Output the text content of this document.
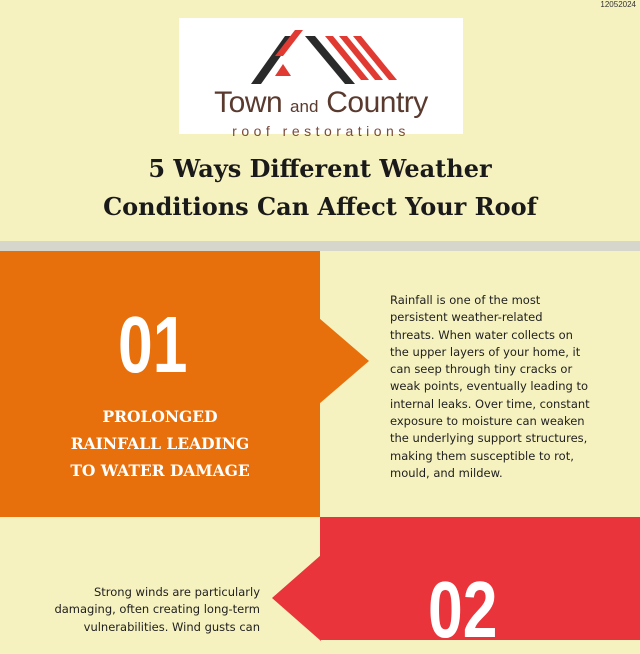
12052024
Town and Country
roof restorations
5 Ways Different Weather
Conditions Can Affect Your Roof
01
PROLONGED
RAINFALL LEADING
TO WATER DAMAGE
Rainfall is one of the most
persistent weather-related
threats. When water collects on
the upper layers of your home, it
can seep through tiny cracks or
weak points, eventually leading to
internal leaks. Over time, constant
exposure to moisture can weaken
the underlying support structures,
making them susceptible to rot,
mould, and mildew.
02
Strong winds are particularly
damaging, often creating long-term
vulnerabilities. Wind gusts can
